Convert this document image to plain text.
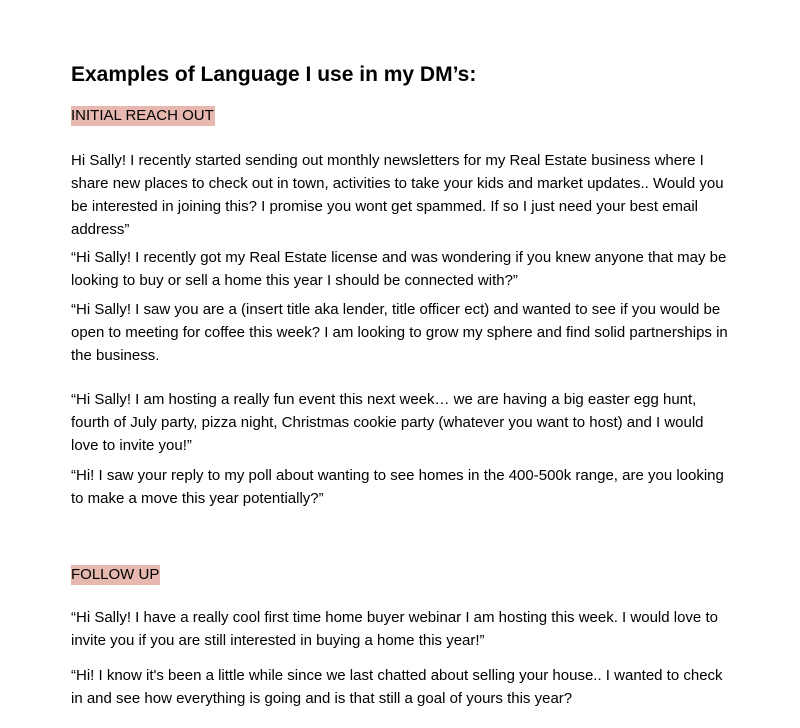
Examples of Language I use in my DM’s:

INITIAL REACH OUT

Hi Sally! I recently started sending out monthly newsletters for my Real Estate business where I share new places to check out in town, activities to take your kids and market updates.. Would you be interested in joining this? I promise you wont get spammed. If so I just need your best email address”

“Hi Sally! I recently got my Real Estate license and was wondering if you knew anyone that may be looking to buy or sell a home this year I should be connected with?”

“Hi Sally! I saw you are a (insert title aka lender, title officer ect) and wanted to see if you would be open to meeting for coffee this week? I am looking to grow my sphere and find solid partnerships in the business.

“Hi Sally! I am hosting a really fun event this next week… we are having a big easter egg hunt, fourth of July party, pizza night, Christmas cookie party (whatever you want to host) and I would love to invite you!”

“Hi! I saw your reply to my poll about wanting to see homes in the 400-500k range, are you looking to make a move this year potentially?”

FOLLOW UP

“Hi Sally! I have a really cool first time home buyer webinar I am hosting this week. I would love to invite you if you are still interested in buying a home this year!”

“Hi! I know it's been a little while since we last chatted about selling your house.. I wanted to check in and see how everything is going and is that still a goal of yours this year?
